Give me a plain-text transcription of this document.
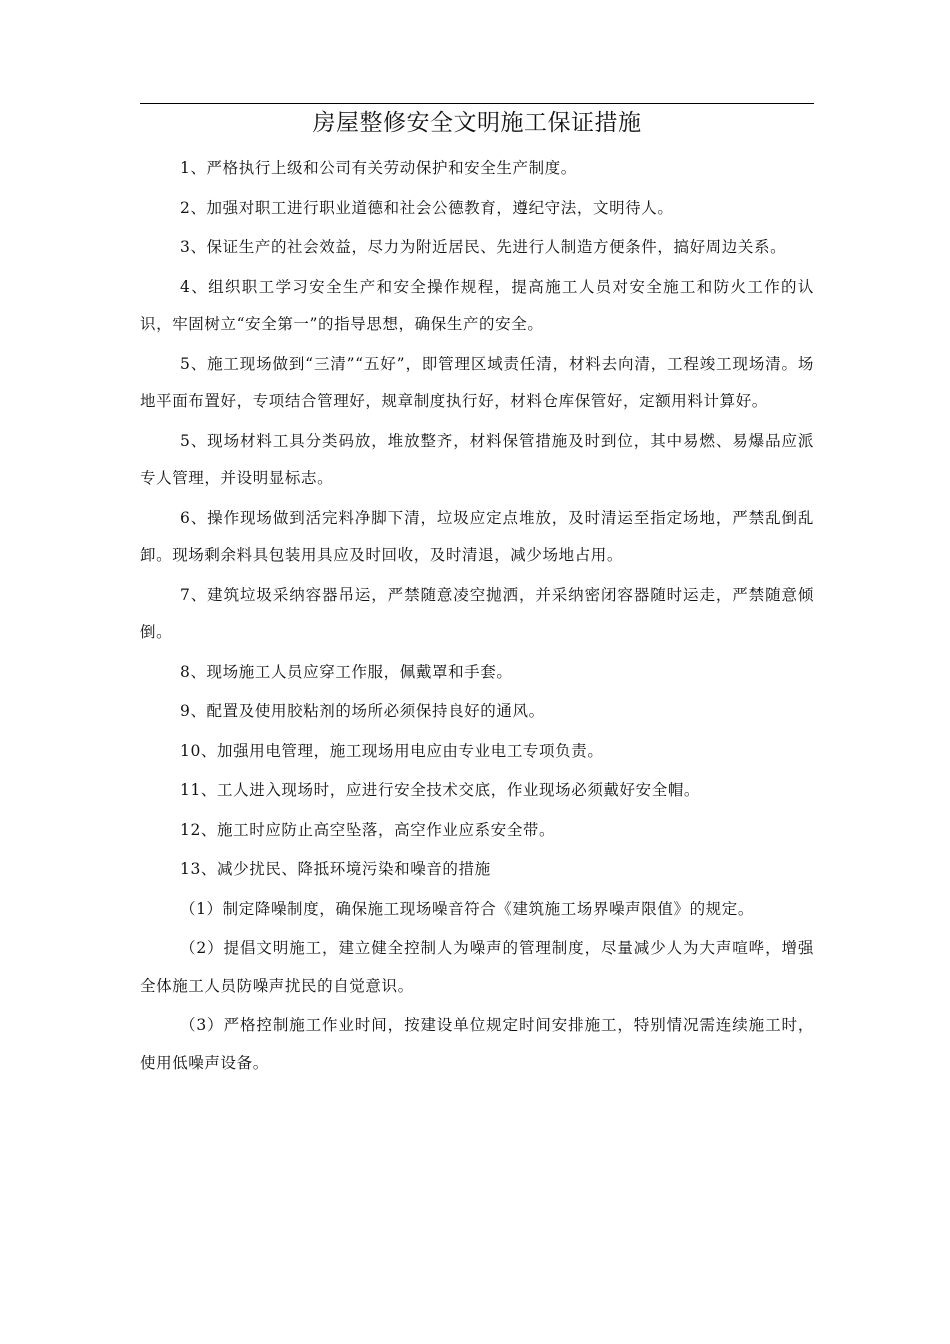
房屋整修安全文明施工保证措施

1、严格执行上级和公司有关劳动保护和安全生产制度。

2、加强对职工进行职业道德和社会公德教育，遵纪守法，文明待人。

3、保证生产的社会效益，尽力为附近居民、先进行人制造方便条件，搞好周边关系。

4、组织职工学习安全生产和安全操作规程，提高施工人员对安全施工和防火工作的认识，牢固树立“安全第一”的指导思想，确保生产的安全。

5、施工现场做到“三清”“五好”，即管理区域责任清，材料去向清，工程竣工现场清。场地平面布置好，专项结合管理好，规章制度执行好，材料仓库保管好，定额用料计算好。

5、现场材料工具分类码放，堆放整齐，材料保管措施及时到位，其中易燃、易爆品应派专人管理，并设明显标志。

6、操作现场做到活完料净脚下清，垃圾应定点堆放，及时清运至指定场地，严禁乱倒乱卸。现场剩余料具包装用具应及时回收，及时清退，减少场地占用。

7、建筑垃圾采纳容器吊运，严禁随意凌空抛洒，并采纳密闭容器随时运走，严禁随意倾倒。

8、现场施工人员应穿工作服，佩戴罩和手套。

9、配置及使用胶粘剂的场所必须保持良好的通风。

10、加强用电管理，施工现场用电应由专业电工专项负责。

11、工人进入现场时，应进行安全技术交底，作业现场必须戴好安全帽。

12、施工时应防止高空坠落，高空作业应系安全带。

13、减少扰民、降抵环境污染和噪音的措施

（1）制定降噪制度，确保施工现场噪音符合《建筑施工场界噪声限值》的规定。

（2）提倡文明施工，建立健全控制人为噪声的管理制度，尽量减少人为大声喧哗，增强全体施工人员防噪声扰民的自觉意识。

（3）严格控制施工作业时间，按建设单位规定时间安排施工，特别情况需连续施工时，使用低噪声设备。
